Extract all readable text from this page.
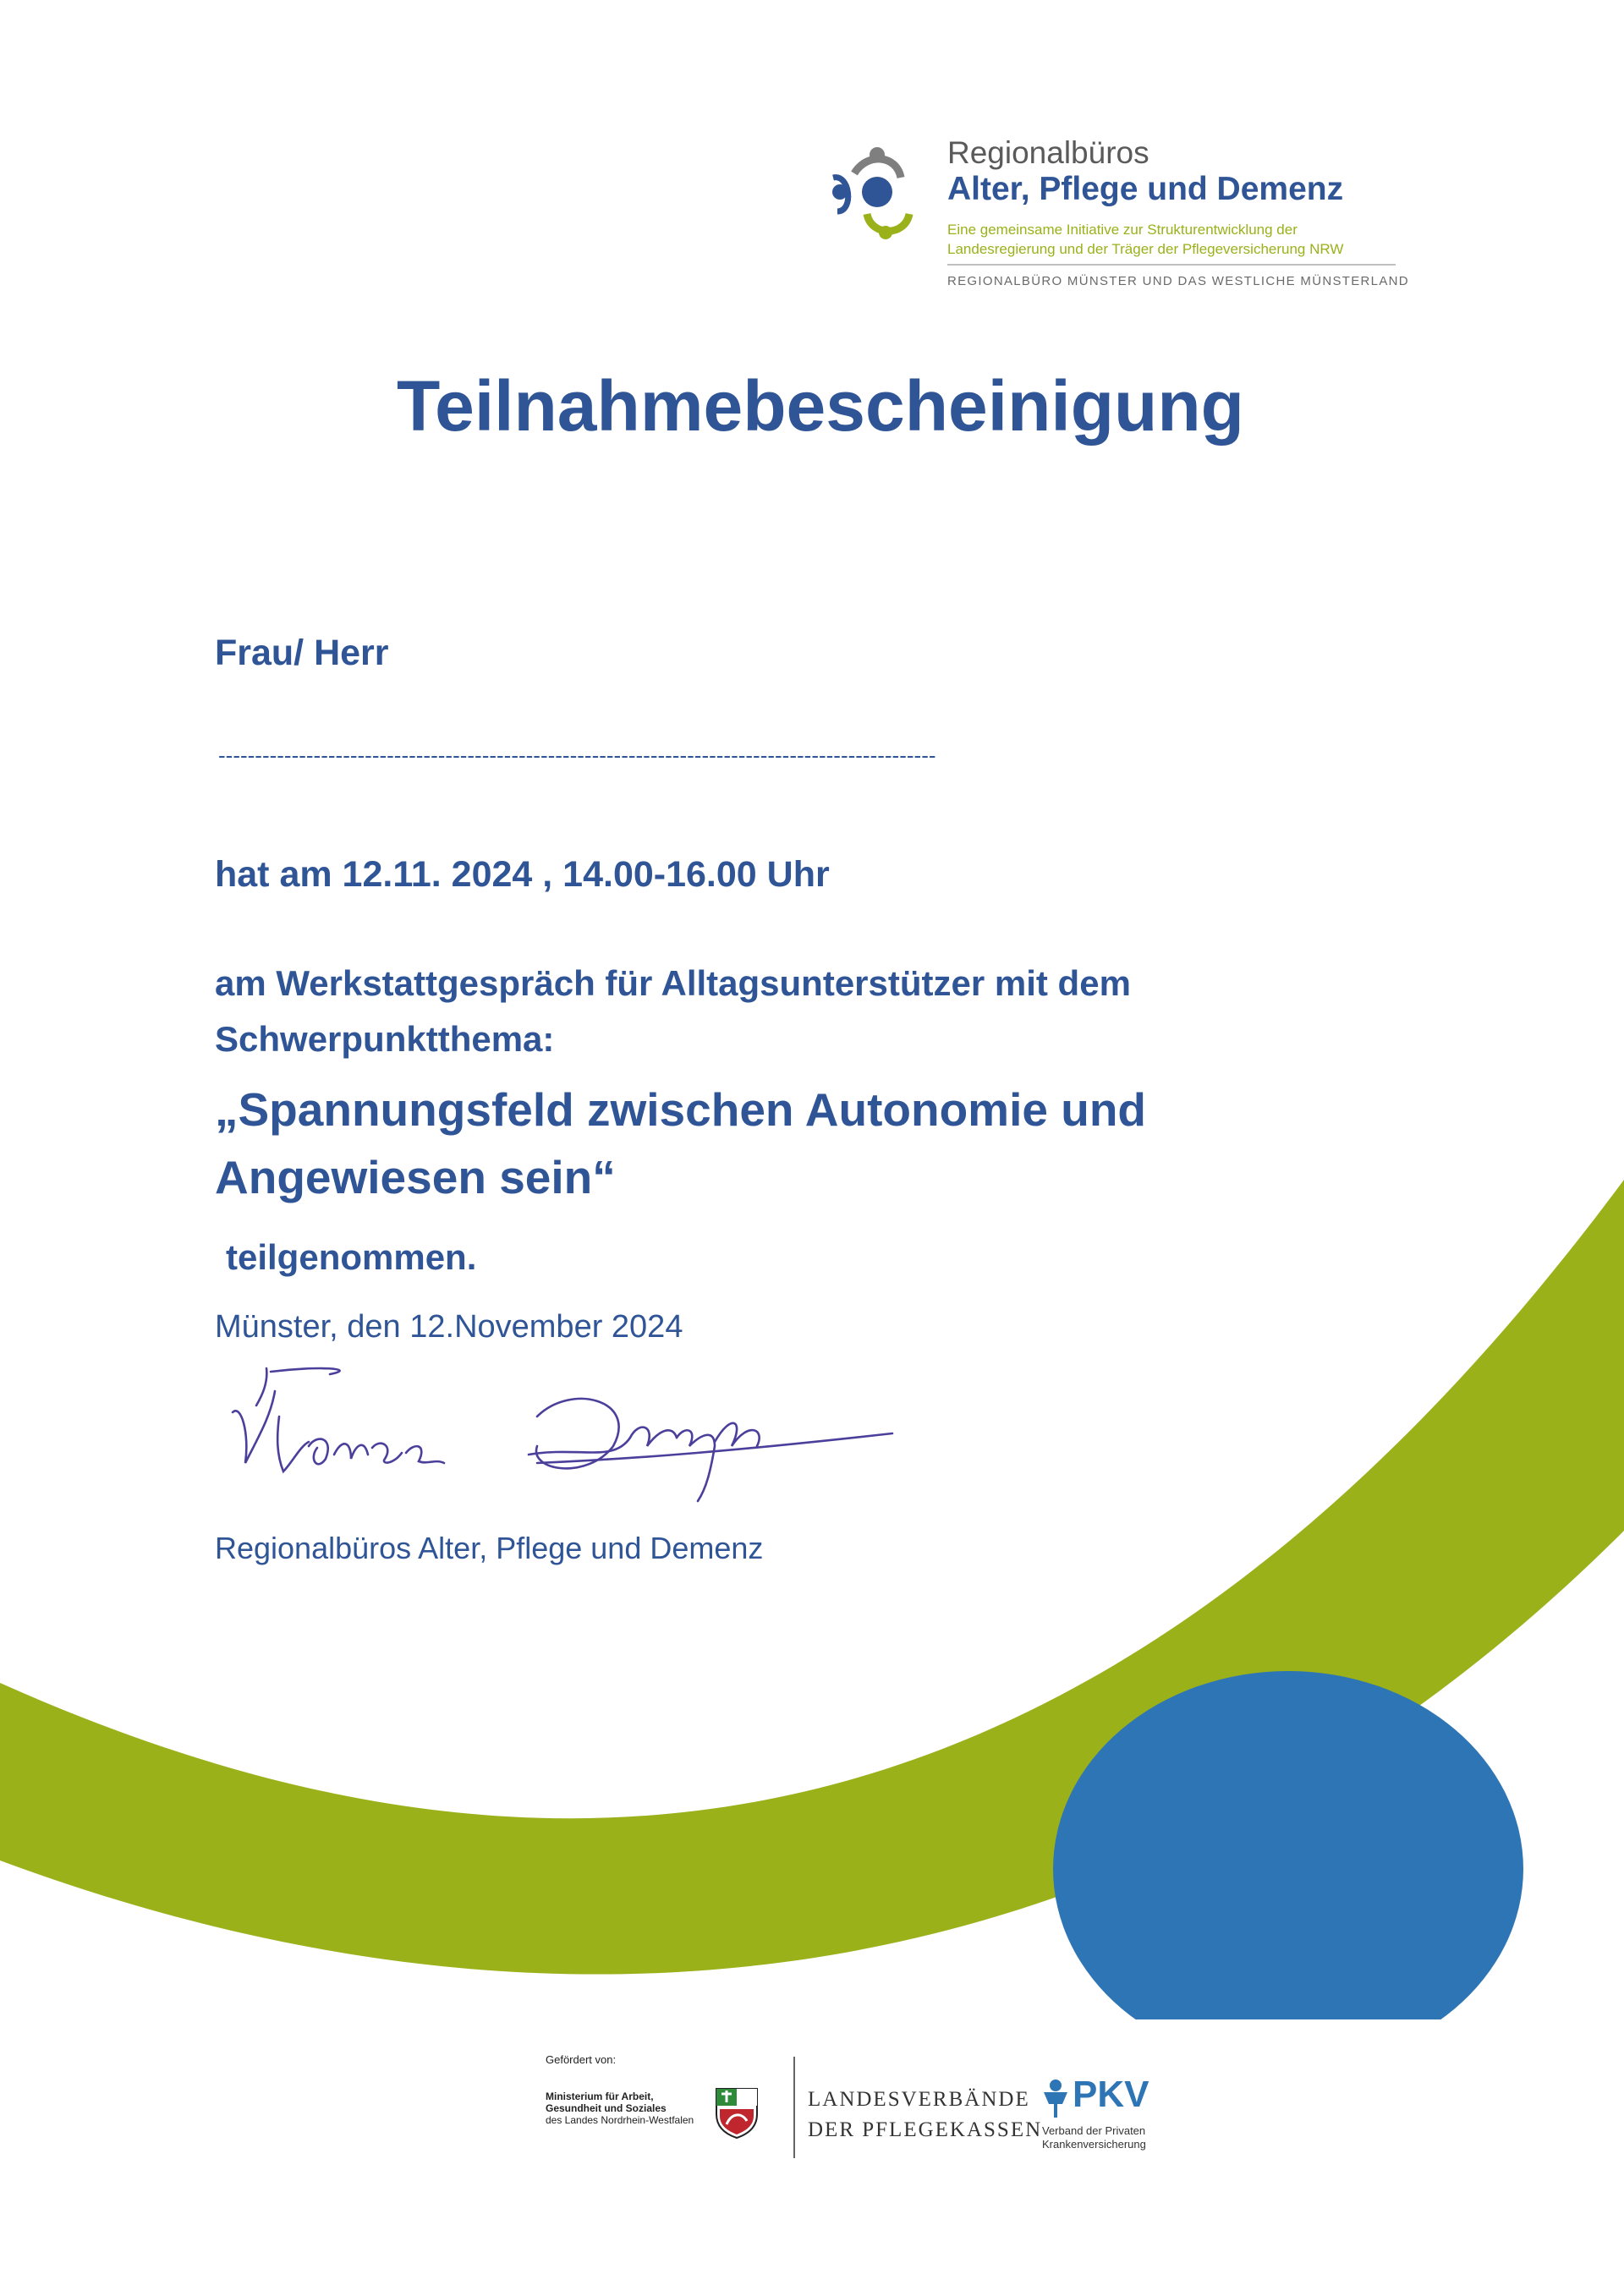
Regionalbüros
Alter, Pflege und Demenz
Eine gemeinsame Initiative zur Strukturentwicklung der
Landesregierung und der Träger der Pflegeversicherung NRW
REGIONALBÜRO MÜNSTER UND DAS WESTLICHE MÜNSTERLAND
Teilnahmebescheinigung
Frau/ Herr
--------------------------------------------------------------------------------------------------
hat am 12.11. 2024 , 14.00-16.00 Uhr
am Werkstattgespräch für Alltagsunterstützer mit dem
Schwerpunktthema:
„Spannungsfeld zwischen Autonomie und
Angewiesen sein“
teilgenommen.
Münster, den 12.November 2024
Regionalbüros Alter, Pflege und Demenz
Gefördert von:
Ministerium für Arbeit,
Gesundheit und Soziales
des Landes Nordrhein-Westfalen
LANDESVERBÄNDE
DER PFLEGEKASSEN
PKV
Verband der Privaten
Krankenversicherung
